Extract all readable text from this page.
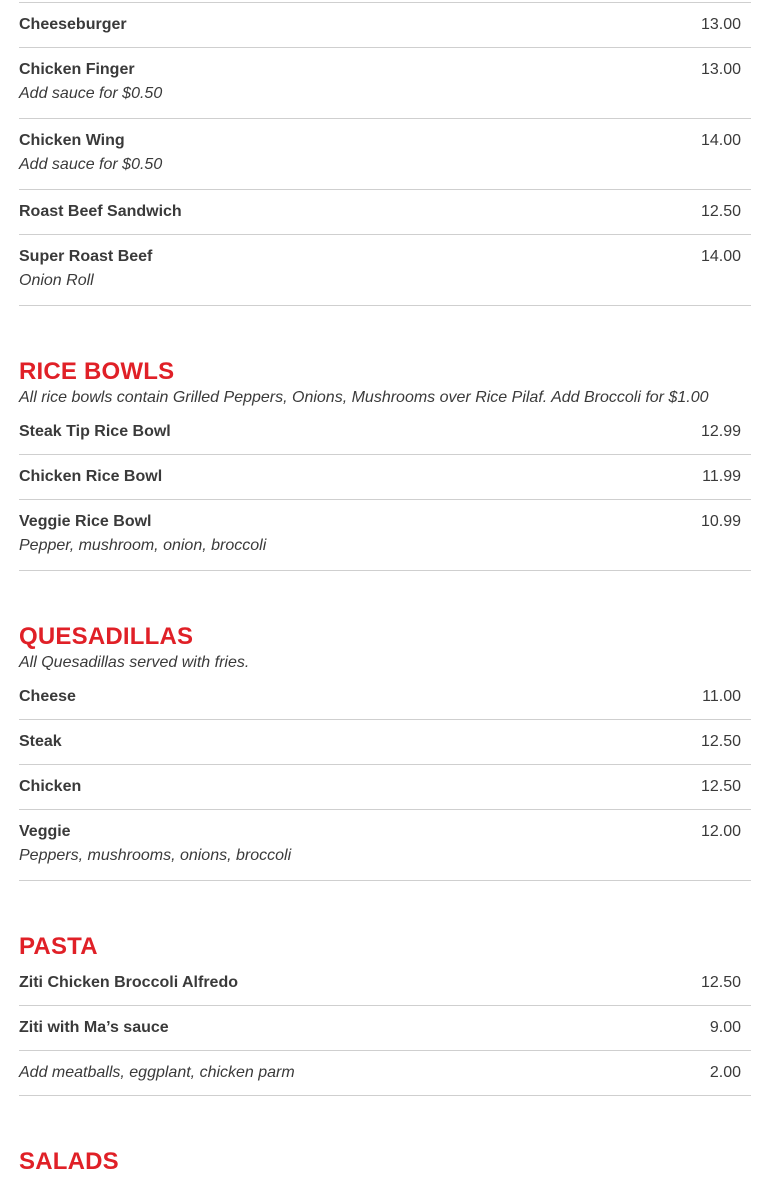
Cheeseburger	13.00
Chicken Finger	13.00
Add sauce for $0.50
Chicken Wing	14.00
Add sauce for $0.50
Roast Beef Sandwich	12.50
Super Roast Beef	14.00
Onion Roll
RICE BOWLS

All rice bowls contain Grilled Peppers, Onions, Mushrooms over Rice Pilaf. Add Broccoli for $1.00

Steak Tip Rice Bowl	12.99
Chicken Rice Bowl	11.99
Veggie Rice Bowl	10.99
Pepper, mushroom, onion, broccoli
QUESADILLAS

All Quesadillas served with fries.

Cheese	11.00
Steak	12.50
Chicken	12.50
Veggie	12.00
Peppers, mushrooms, onions, broccoli
PASTA
Ziti Chicken Broccoli Alfredo	12.50
Ziti with Ma’s sauce	9.00
Add meatballs, eggplant, chicken parm	2.00
SALADS
